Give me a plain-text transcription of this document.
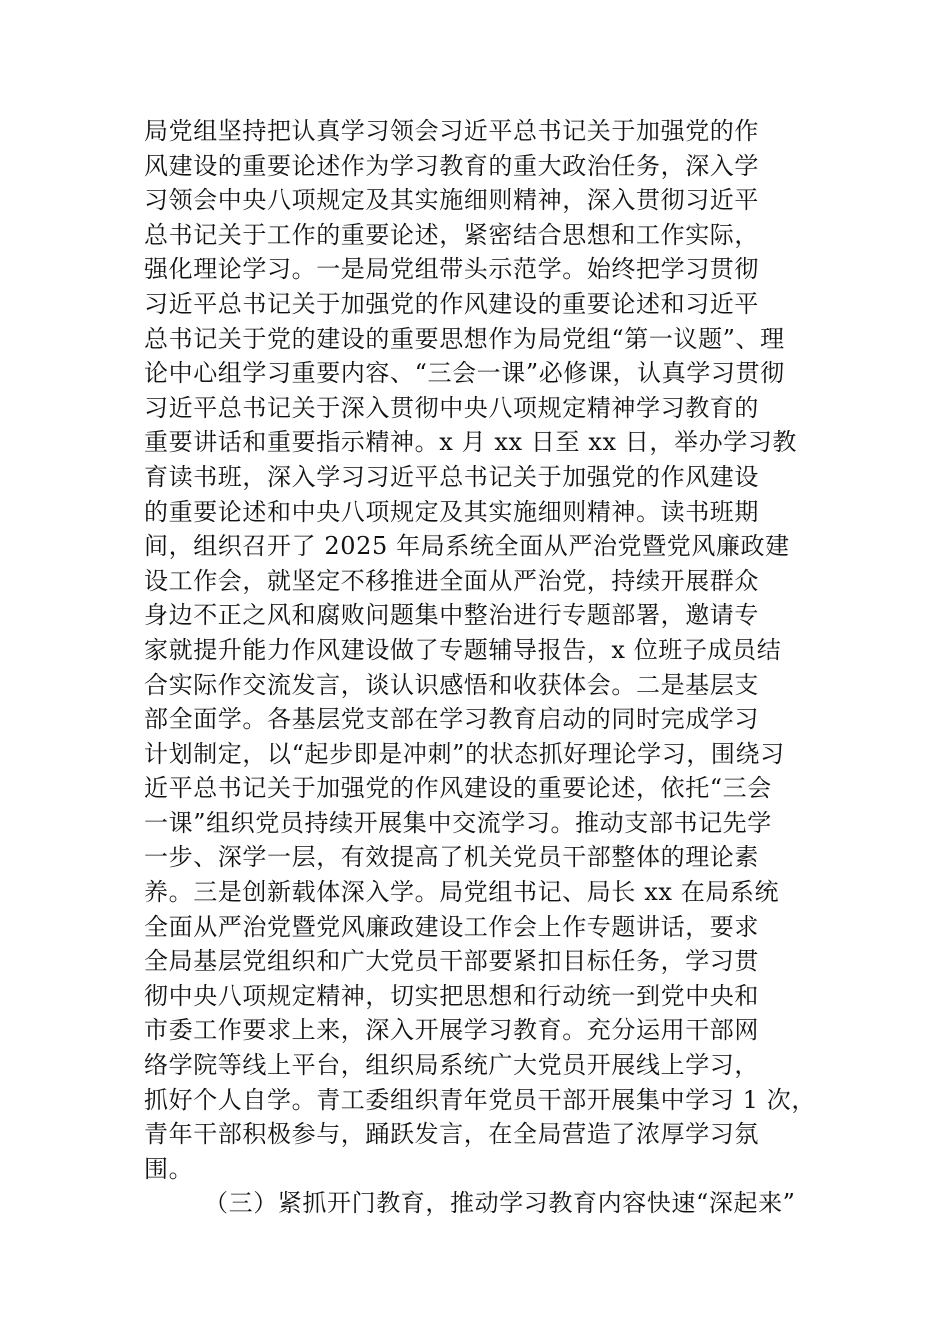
局党组坚持把认真学习领会习近平总书记关于加强党的作
风建设的重要论述作为学习教育的重大政治任务，深入学
习领会中央八项规定及其实施细则精神，深入贯彻习近平
总书记关于工作的重要论述，紧密结合思想和工作实际，
强化理论学习。一是局党组带头示范学。始终把学习贯彻
习近平总书记关于加强党的作风建设的重要论述和习近平
总书记关于党的建设的重要思想作为局党组“第一议题”、理
论中心组学习重要内容、“三会一课”必修课，认真学习贯彻
习近平总书记关于深入贯彻中央八项规定精神学习教育的
重要讲话和重要指示精神。x 月 xx 日至 xx 日，举办学习教
育读书班，深入学习习近平总书记关于加强党的作风建设
的重要论述和中央八项规定及其实施细则精神。读书班期
间，组织召开了 2025 年局系统全面从严治党暨党风廉政建
设工作会，就坚定不移推进全面从严治党，持续开展群众
身边不正之风和腐败问题集中整治进行专题部署，邀请专
家就提升能力作风建设做了专题辅导报告，x 位班子成员结
合实际作交流发言，谈认识感悟和收获体会。二是基层支
部全面学。各基层党支部在学习教育启动的同时完成学习
计划制定，以“起步即是冲刺”的状态抓好理论学习，围绕习
近平总书记关于加强党的作风建设的重要论述，依托“三会
一课”组织党员持续开展集中交流学习。推动支部书记先学
一步、深学一层，有效提高了机关党员干部整体的理论素
养。三是创新载体深入学。局党组书记、局长 xx 在局系统
全面从严治党暨党风廉政建设工作会上作专题讲话，要求
全局基层党组织和广大党员干部要紧扣目标任务，学习贯
彻中央八项规定精神，切实把思想和行动统一到党中央和
市委工作要求上来，深入开展学习教育。充分运用干部网
络学院等线上平台，组织局系统广大党员开展线上学习，
抓好个人自学。青工委组织青年党员干部开展集中学习 1 次，
青年干部积极参与，踊跃发言，在全局营造了浓厚学习氛
围。
（三）紧抓开门教育，推动学习教育内容快速“深起来”
